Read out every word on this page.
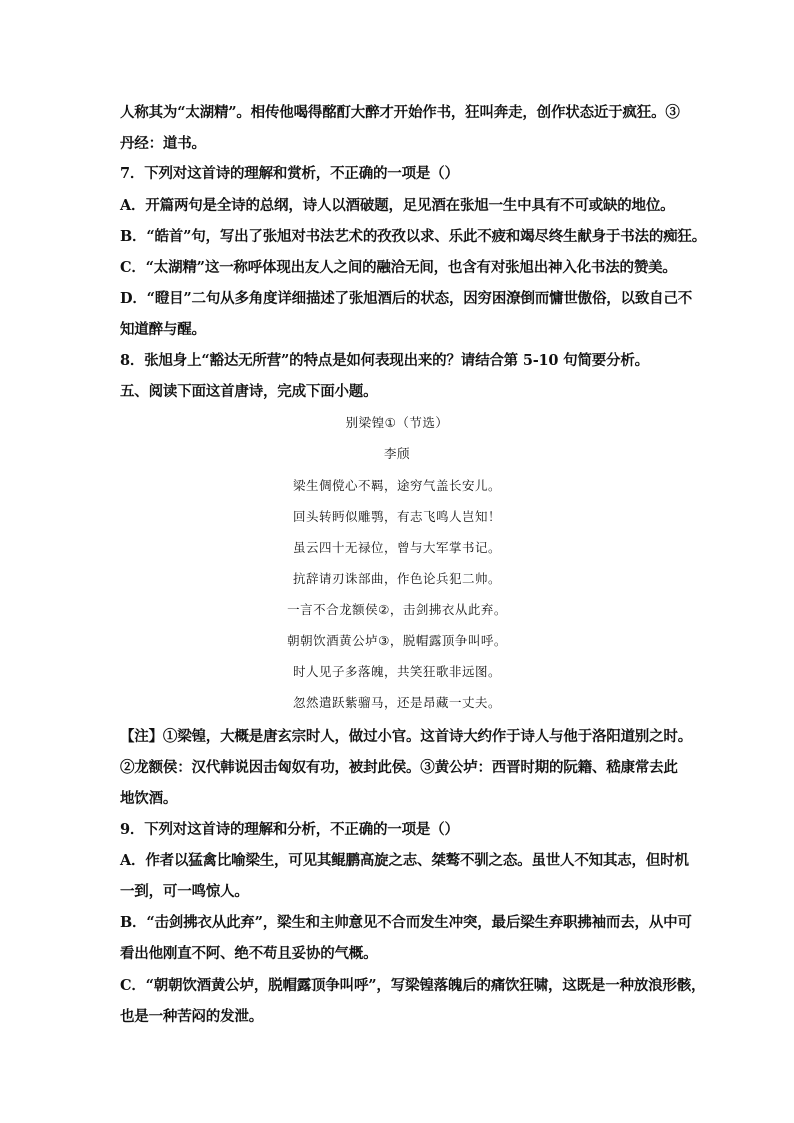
人称其为“太湖精”。相传他喝得酩酊大醉才开始作书，狂叫奔走，创作状态近于疯狂。③
丹经：道书。
7．下列对这首诗的理解和赏析，不正确的一项是（）
A．开篇两句是全诗的总纲，诗人以酒破题，足见酒在张旭一生中具有不可或缺的地位。
B．“皓首”句，写出了张旭对书法艺术的孜孜以求、乐此不疲和竭尽终生献身于书法的痴狂。
C．“太湖精”这一称呼体现出友人之间的融洽无间，也含有对张旭出神入化书法的赞美。
D．“瞪目”二句从多角度详细描述了张旭酒后的状态，因穷困潦倒而慵世傲俗，以致自己不
知道醉与醒。
8．张旭身上“豁达无所营”的特点是如何表现出来的？请结合第 5-10 句简要分析。
五、阅读下面这首唐诗，完成下面小题。
别梁锽①（节选）
李颀
梁生倜傥心不羁，途穷气盖长安儿。
回头转眄似雕鹗，有志飞鸣人岂知！
虽云四十无禄位，曾与大军掌书记。
抗辞请刃诛部曲，作色论兵犯二帅。
一言不合龙额侯②，击剑拂衣从此弃。
朝朝饮酒黄公垆③，脱帽露顶争叫呼。
时人见子多落魄，共笑狂歌非远图。
忽然遣跃紫骝马，还是昂藏一丈夫。
【注】①梁锽，大概是唐玄宗时人，做过小官。这首诗大约作于诗人与他于洛阳道别之时。
②龙额侯：汉代韩说因击匈奴有功，被封此侯。③黄公垆：西晋时期的阮籍、嵇康常去此
地饮酒。
9．下列对这首诗的理解和分析，不正确的一项是（）
A．作者以猛禽比喻梁生，可见其鲲鹏高旋之志、桀骜不驯之态。虽世人不知其志，但时机
一到，可一鸣惊人。
B．“击剑拂衣从此弃”，梁生和主帅意见不合而发生冲突，最后梁生弃职拂袖而去，从中可
看出他刚直不阿、绝不苟且妥协的气概。
C．“朝朝饮酒黄公垆，脱帽露顶争叫呼”，写梁锽落魄后的痛饮狂啸，这既是一种放浪形骸，
也是一种苦闷的发泄。
